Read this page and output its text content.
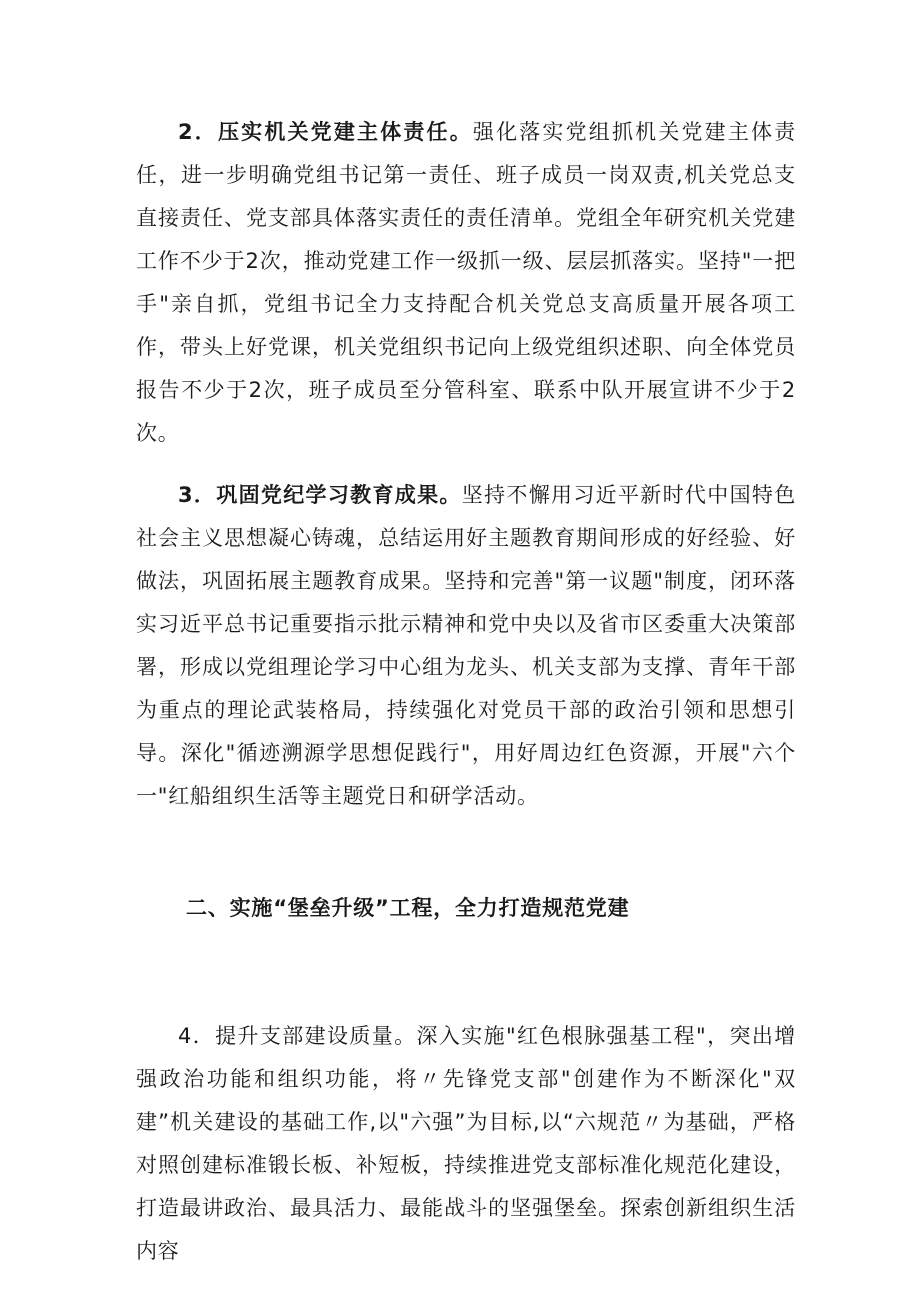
2．压实机关党建主体责任。强化落实党组抓机关党建主体责任，进一步明确党组书记第一责任、班子成员一岗双责,机关党总支直接责任、党支部具体落实责任的责任清单。党组全年研究机关党建工作不少于2次，推动党建工作一级抓一级、层层抓落实。坚持"一把手"亲自抓，党组书记全力支持配合机关党总支高质量开展各项工作，带头上好党课，机关党组织书记向上级党组织述职、向全体党员报告不少于2次，班子成员至分管科室、联系中队开展宣讲不少于2次。

3．巩固党纪学习教育成果。坚持不懈用习近平新时代中国特色社会主义思想凝心铸魂，总结运用好主题教育期间形成的好经验、好做法，巩固拓展主题教育成果。坚持和完善"第一议题"制度，闭环落实习近平总书记重要指示批示精神和党中央以及省市区委重大决策部署，形成以党组理论学习中心组为龙头、机关支部为支撑、青年干部为重点的理论武装格局，持续强化对党员干部的政治引领和思想引导。深化"循迹溯源学思想促践行"，用好周边红色资源，开展"六个一"红船组织生活等主题党日和研学活动。

二、实施“堡垒升级”工程，全力打造规范党建

4．提升支部建设质量。深入实施"红色根脉强基工程"，突出增强政治功能和组织功能，将〃先锋党支部"创建作为不断深化"双建”机关建设的基础工作,以"六强”为目标,以“六规范〃为基础，严格对照创建标准锻长板、补短板，持续推进党支部标准化规范化建设，打造最讲政治、最具活力、最能战斗的坚强堡垒。探索创新组织生活内容
